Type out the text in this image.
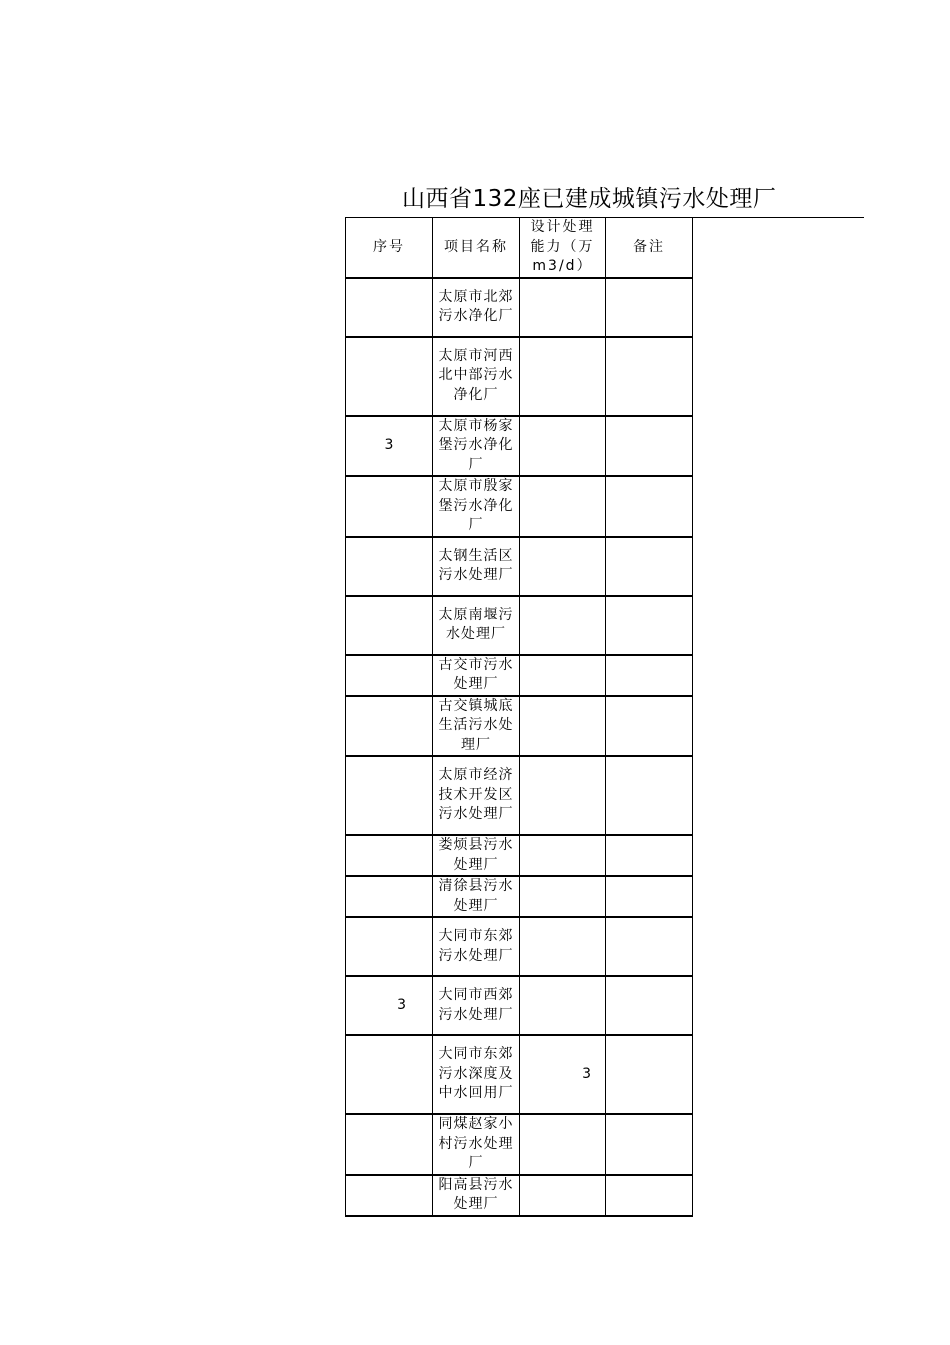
山西省132座已建成城镇污水处理厂
序号	项目名称	设计处理能力（万m3/d）	备注
	太原市北郊污水净化厂		
	太原市河西北中部污水净化厂		
3	太原市杨家堡污水净化厂		
	太原市殷家堡污水净化厂		
	太钢生活区污水处理厂		
	太原南堰污水处理厂		
	古交市污水处理厂		
	古交镇城底生活污水处理厂		
	太原市经济技术开发区污水处理厂		
	娄烦县污水处理厂		
	清徐县污水处理厂		
	大同市东郊污水处理厂		
3	大同市西郊污水处理厂		
	大同市东郊污水深度及中水回用厂	3	
	同煤赵家小村污水处理厂		
	阳高县污水处理厂		
